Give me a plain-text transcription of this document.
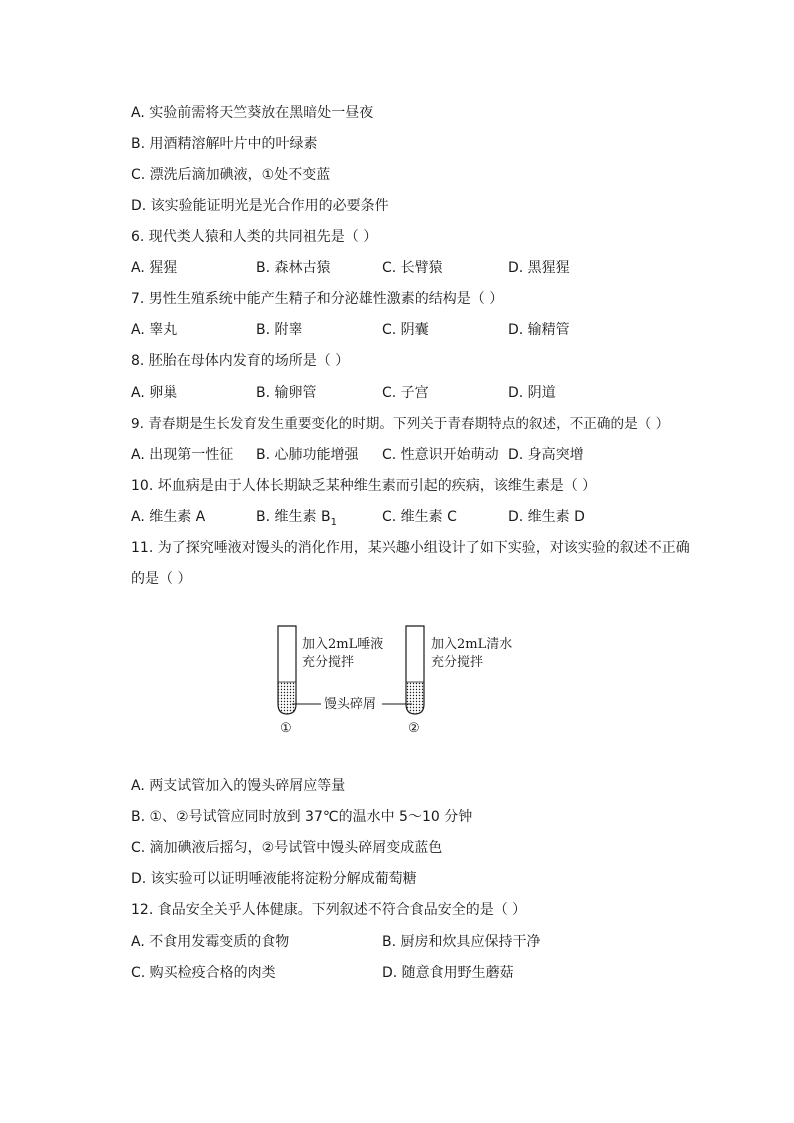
A. 实验前需将天竺葵放在黑暗处一昼夜
B. 用酒精溶解叶片中的叶绿素
C. 漂洗后滴加碘液，①处不变蓝
D. 该实验能证明光是光合作用的必要条件
6. 现代类人猿和人类的共同祖先是（ ）
A. 猩猩	B. 森林古猿	C. 长臂猿	D. 黑猩猩
7. 男性生殖系统中能产生精子和分泌雄性激素的结构是（ ）
A. 睾丸	B. 附睾	C. 阴囊	D. 输精管
8. 胚胎在母体内发育的场所是（ ）
A. 卵巢	B. 输卵管	C. 子宫	D. 阴道
9. 青春期是生长发育发生重要变化的时期。下列关于青春期特点的叙述，不正确的是（ ）
A. 出现第一性征 B. 心肺功能增强 C. 性意识开始萌动 D. 身高突增
10. 坏血病是由于人体长期缺乏某种维生素而引起的疾病，该维生素是（ ）
A. 维生素 A	B. 维生素 $B_1$	C. 维生素 C	D. 维生素 D
11. 为了探究唾液对馒头的消化作用，某兴趣小组设计了如下实验，对该实验的叙述不正确
的是（ ）
加入2mL唾液
充分搅拌
①
加入2mL清水
充分搅拌
②
馒头碎屑
A. 两支试管加入的馒头碎屑应等量
B. ①、②号试管应同时放到 37℃的温水中 5～10 分钟
C. 滴加碘液后摇匀，②号试管中馒头碎屑变成蓝色
D. 该实验可以证明唾液能将淀粉分解成葡萄糖
12. 食品安全关乎人体健康。下列叙述不符合食品安全的是（ ）
A. 不食用发霉变质的食物	B. 厨房和炊具应保持干净
C. 购买检疫合格的肉类	D. 随意食用野生蘑菇
